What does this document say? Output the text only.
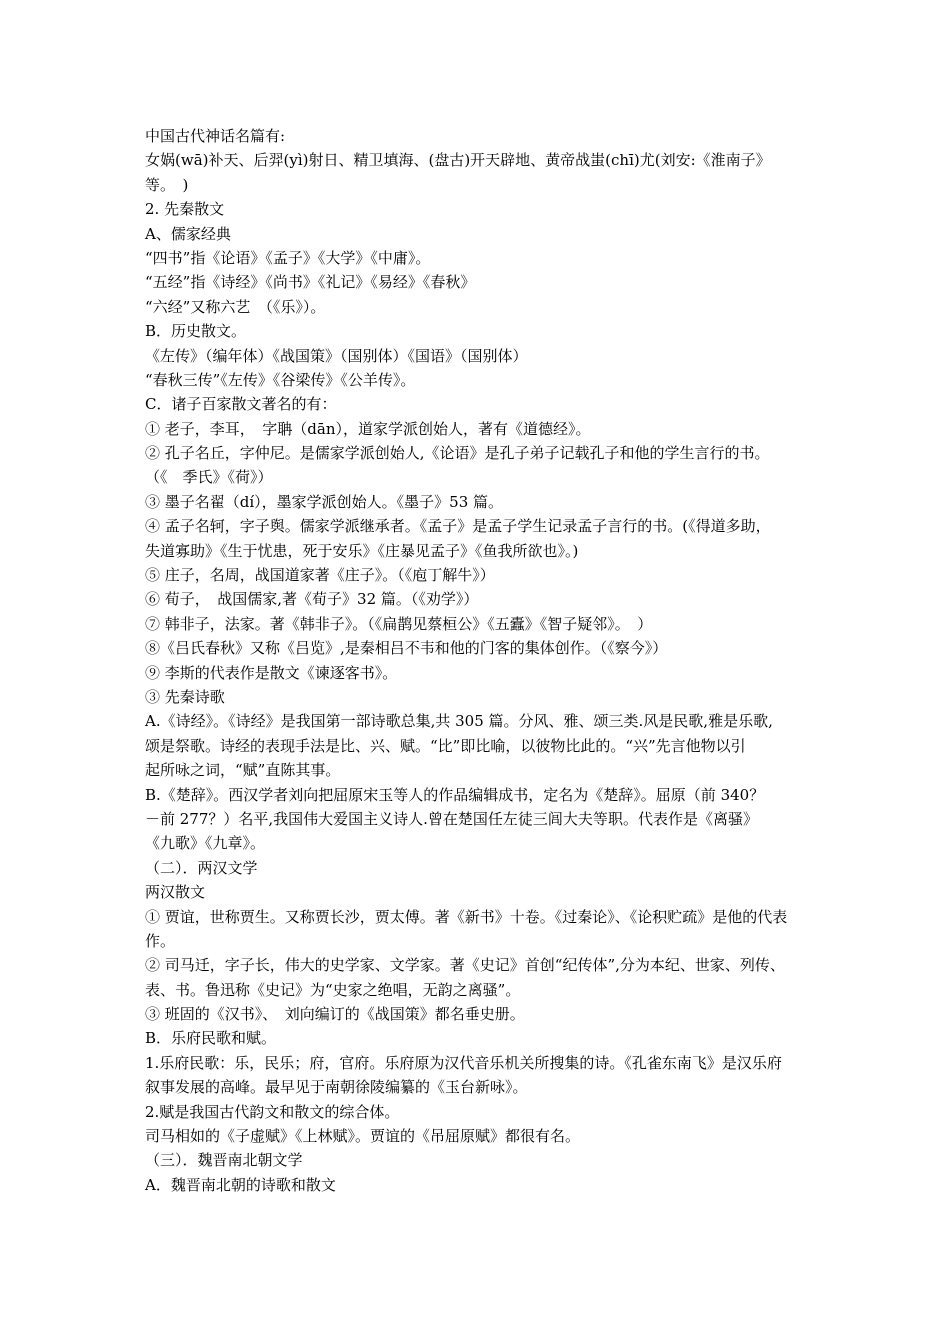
中国古代神话名篇有:
女娲(wā)补天、后羿(yì)射日、精卫填海、(盘古)开天辟地、黄帝战蚩(chī)尤(刘安:《淮南子》
等。　)
2. 先秦散文
A、儒家经典
“四书”指《论语》《孟子》《大学》《中庸》。
“五经”指《诗经》《尚书》《礼记》《易经》《春秋》
“六经”又称六艺　（《乐》）。
B．历史散文。
《左传》（编年体）《战国策》（国别体）《国语》（国别体）
“春秋三传”《左传》《谷梁传》《公羊传》。
C．诸子百家散文著名的有：
① 老子，李耳，　字聃（dān），道家学派创始人，著有《道德经》。
② 孔子名丘，字仲尼。是儒家学派创始人,《论语》是孔子弟子记载孔子和他的学生言行的书。
（《　季氏》《荷》）
③ 墨子名翟（dí），墨家学派创始人。《墨子》53 篇。
④ 孟子名轲，字子舆。儒家学派继承者。《孟子》是孟子学生记录孟子言行的书。(《得道多助，
失道寡助》《生于忧患，死于安乐》《庄暴见孟子》《鱼我所欲也》。)
⑤ 庄子，名周，战国道家著《庄子》。（《庖丁解牛》）
⑥ 荀子，　战国儒家,著《荀子》32 篇。（《劝学》）
⑦ 韩非子，法家。著《韩非子》。（《扁鹊见蔡桓公》《五蠹》《智子疑邻》。　）
⑧《吕氏春秋》又称《吕览》,是秦相吕不韦和他的门客的集体创作。（《察今》）
⑨ 李斯的代表作是散文《谏逐客书》。
③ 先秦诗歌
A.《诗经》。《诗经》是我国第一部诗歌总集,共 305 篇。分风、雅、颂三类.风是民歌,雅是乐歌,
颂是祭歌。诗经的表现手法是比、兴、赋。“比”即比喻，以彼物比此的。“兴”先言他物以引
起所咏之词，“赋”直陈其事。
B.《楚辞》。西汉学者刘向把屈原宋玉等人的作品编辑成书，定名为《楚辞》。屈原（前 340？
－前 277？）名平,我国伟大爱国主义诗人.曾在楚国任左徒三闾大夫等职。代表作是《离骚》
《九歌》《九章》。
（二）．两汉文学
两汉散文
① 贾谊，世称贾生。又称贾长沙，贾太傅。著《新书》十卷。《过秦论》、《论积贮疏》是他的代表
作。
② 司马迁，字子长，伟大的史学家、文学家。著《史记》首创“纪传体”,分为本纪、世家、列传、
表、书。鲁迅称《史记》为“史家之绝唱，无韵之离骚”。
③ 班固的《汉书》、　刘向编订的《战国策》都名垂史册。
B．乐府民歌和赋。
1.乐府民歌：乐，民乐；府，官府。乐府原为汉代音乐机关所搜集的诗。《孔雀东南飞》是汉乐府
叙事发展的高峰。最早见于南朝徐陵编纂的《玉台新咏》。
2.赋是我国古代韵文和散文的综合体。
司马相如的《子虚赋》《上林赋》。贾谊的《吊屈原赋》都很有名。
（三）．魏晋南北朝文学
A．魏晋南北朝的诗歌和散文
